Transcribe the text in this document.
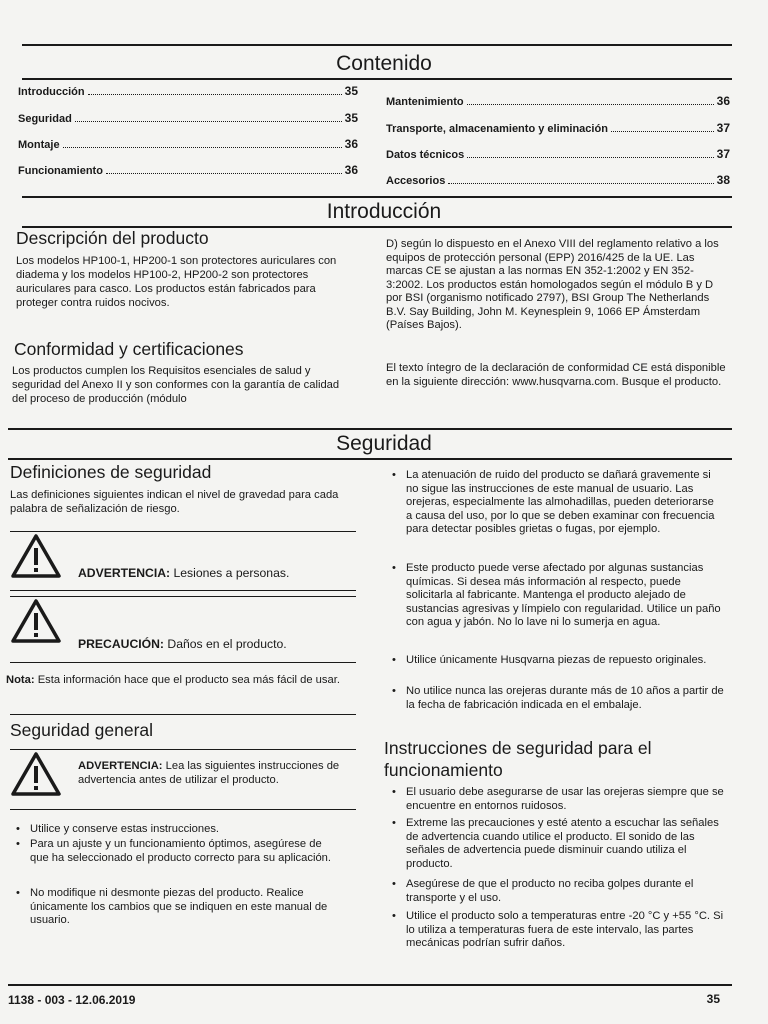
Contenido
Introducción	35
Seguridad	35
Montaje	36
Funcionamiento	36
Mantenimiento	36
Transporte, almacenamiento y eliminación	37
Datos técnicos	37
Accesorios	38
Introducción
Descripción del producto
Los modelos HP100-1, HP200-1 son protectores auriculares con diadema y los modelos HP100-2, HP200-2 son protectores auriculares para casco. Los productos están fabricados para proteger contra ruidos nocivos.
Conformidad y certificaciones
Los productos cumplen los Requisitos esenciales de salud y seguridad del Anexo II y son conformes con la garantía de calidad del proceso de producción (módulo
D) según lo dispuesto en el Anexo VIII del reglamento relativo a los equipos de protección personal (EPP) 2016/425 de la UE. Las marcas CE se ajustan a las normas EN 352-1:2002 y EN 352-3:2002. Los productos están homologados según el módulo B y D por BSI (organismo notificado 2797), BSI Group The Netherlands B.V. Say Building, John M. Keynesplein 9, 1066 EP Ámsterdam (Países Bajos).
El texto íntegro de la declaración de conformidad CE está disponible en la siguiente dirección: www.husqvarna.com. Busque el producto.
Seguridad
Definiciones de seguridad
Las definiciones siguientes indican el nivel de gravedad para cada palabra de señalización de riesgo.
ADVERTENCIA: Lesiones a personas.
PRECAUCIÓN: Daños en el producto.
Nota: Esta información hace que el producto sea más fácil de usar.
Seguridad general
ADVERTENCIA: Lea las siguientes instrucciones de advertencia antes de utilizar el producto.
• Utilice y conserve estas instrucciones.
• Para un ajuste y un funcionamiento óptimos, asegúrese de que ha seleccionado el producto correcto para su aplicación.
• No modifique ni desmonte piezas del producto. Realice únicamente los cambios que se indiquen en este manual de usuario.
• La atenuación de ruido del producto se dañará gravemente si no sigue las instrucciones de este manual de usuario. Las orejeras, especialmente las almohadillas, pueden deteriorarse a causa del uso, por lo que se deben examinar con frecuencia para detectar posibles grietas o fugas, por ejemplo.
• Este producto puede verse afectado por algunas sustancias químicas. Si desea más información al respecto, puede solicitarla al fabricante. Mantenga el producto alejado de sustancias agresivas y límpielo con regularidad. Utilice un paño con agua y jabón. No lo lave ni lo sumerja en agua.
• Utilice únicamente Husqvarna piezas de repuesto originales.
• No utilice nunca las orejeras durante más de 10 años a partir de la fecha de fabricación indicada en el embalaje.
Instrucciones de seguridad para el funcionamiento
• El usuario debe asegurarse de usar las orejeras siempre que se encuentre en entornos ruidosos.
• Extreme las precauciones y esté atento a escuchar las señales de advertencia cuando utilice el producto. El sonido de las señales de advertencia puede disminuir cuando utiliza el producto.
• Asegúrese de que el producto no reciba golpes durante el transporte y el uso.
• Utilice el producto solo a temperaturas entre -20 °C y +55 °C. Si lo utiliza a temperaturas fuera de este intervalo, las partes mecánicas podrían sufrir daños.
1138 - 003 - 12.06.2019	35
